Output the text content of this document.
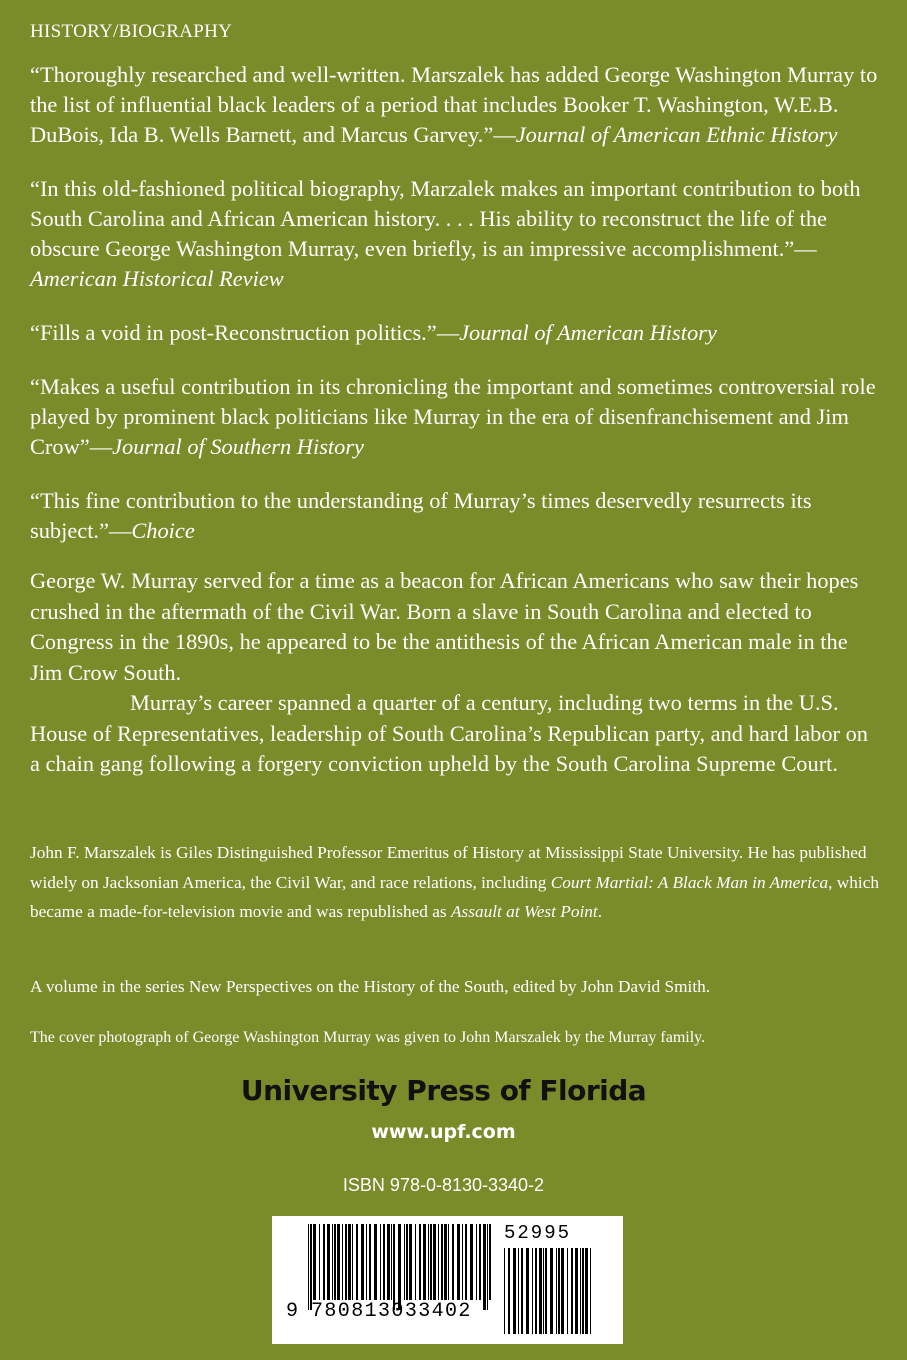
HISTORY/BIOGRAPHY

“Thoroughly researched and well-written. Marszalek has added George Washington Murray to the list of influential black leaders of a period that includes Booker T. Washington, W.E.B. DuBois, Ida B. Wells Barnett, and Marcus Garvey.”—Journal of American Ethnic History

“In this old-fashioned political biography, Marzalek makes an important contribution to both South Carolina and African American history. . . . His ability to reconstruct the life of the obscure George Washington Murray, even briefly, is an impressive accomplishment.”—American Historical Review

“Fills a void in post-Reconstruction politics.”—Journal of American History

“Makes a useful contribution in its chronicling the important and sometimes controversial role played by prominent black politicians like Murray in the era of disenfranchisement and Jim Crow”—Journal of Southern History

“This fine contribution to the understanding of Murray’s times deservedly resurrects its subject.”—Choice

George W. Murray served for a time as a beacon for African Americans who saw their hopes crushed in the aftermath of the Civil War. Born a slave in South Carolina and elected to Congress in the 1890s, he appeared to be the antithesis of the African American male in the Jim Crow South.

Murray’s career spanned a quarter of a century, including two terms in the U.S. House of Representatives, leadership of South Carolina’s Republican party, and hard labor on a chain gang following a forgery conviction upheld by the South Carolina Supreme Court.

John F. Marszalek is Giles Distinguished Professor Emeritus of History at Mississippi State University. He has published widely on Jacksonian America, the Civil War, and race relations, including Court Martial: A Black Man in America, which became a made-for-television movie and was republished as Assault at West Point.

A volume in the series New Perspectives on the History of the South, edited by John David Smith.
The cover photograph of George Washington Murray was given to John Marszalek by the Murray family.
University Press of Florida
www.upf.com
ISBN 978-0-8130-3340-2
9 780813033402
52995
